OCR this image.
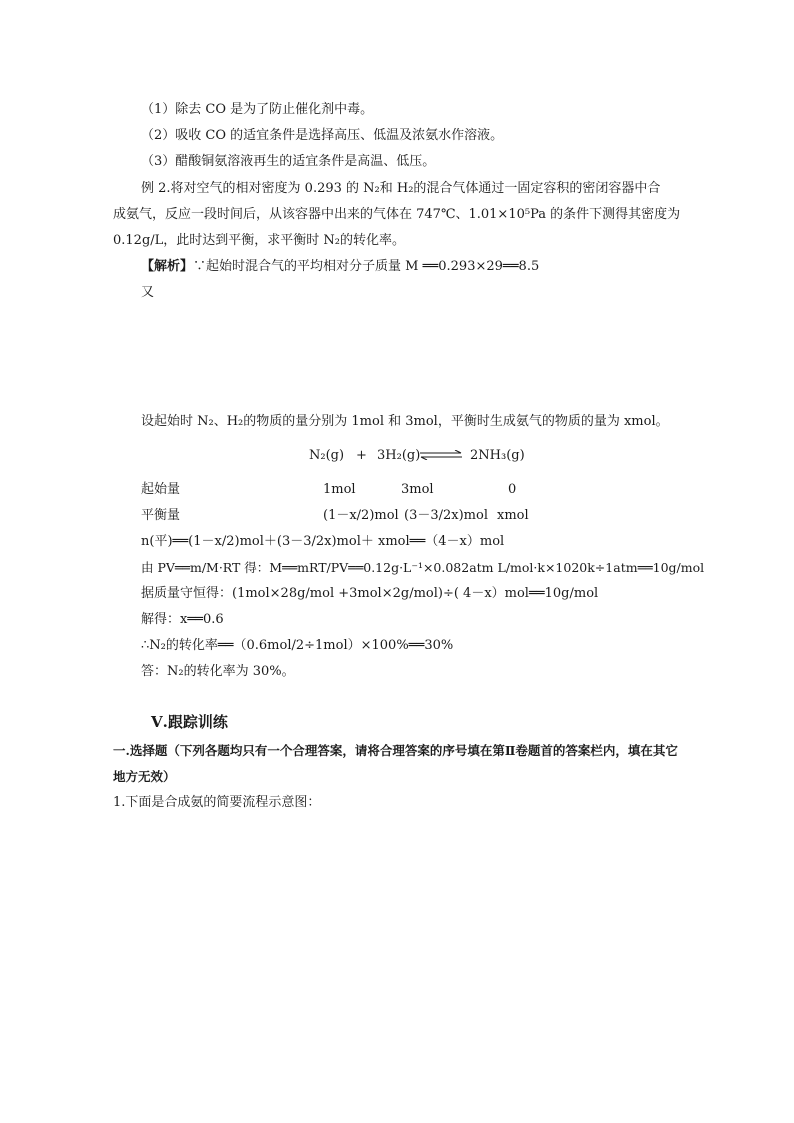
（1）除去 CO 是为了防止催化剂中毒。
（2）吸收 CO 的适宜条件是选择高压、低温及浓氨水作溶液。
（3）醋酸铜氨溶液再生的适宜条件是高温、低压。
例 2.将对空气的相对密度为 0.293 的 N₂和 H₂的混合气体通过一固定容积的密闭容器中合
成氨气，反应一段时间后，从该容器中出来的气体在 747℃、1.01×10⁵Pa 的条件下测得其密度为
0.12g/L，此时达到平衡，求平衡时 N₂的转化率。
【解析】∵起始时混合气的平均相对分子质量 M ══0.293×29══8.5
又
设起始时 N₂、H₂的物质的量分别为 1mol 和 3mol，平衡时生成氨气的物质的量为 xmol。
N₂(g) + 3H₂(g)	2NH₃(g)
起始量	1mol	3mol	0
平衡量	(1－x/2)mol (3－3/2x)mol xmol
n(平)══(1－x/2)mol＋(3－3/2x)mol＋ xmol══（4－x）mol
由 PV══m/M·RT 得：M══mRT/PV══0.12g·L⁻¹×0.082atm L/mol·k×1020k÷1atm══10g/mol
据质量守恒得：(1mol×28g/mol +3mol×2g/mol)÷( 4－x）mol══10g/mol
解得：x══0.6
∴N₂的转化率══（0.6mol/2÷1mol）×100%══30%
答：N₂的转化率为 30%。
Ⅴ.跟踪训练
一.选择题（下列各题均只有一个合理答案，请将合理答案的序号填在第Ⅱ卷题首的答案栏内，填在其它
地方无效）
1.下面是合成氨的简要流程示意图：
